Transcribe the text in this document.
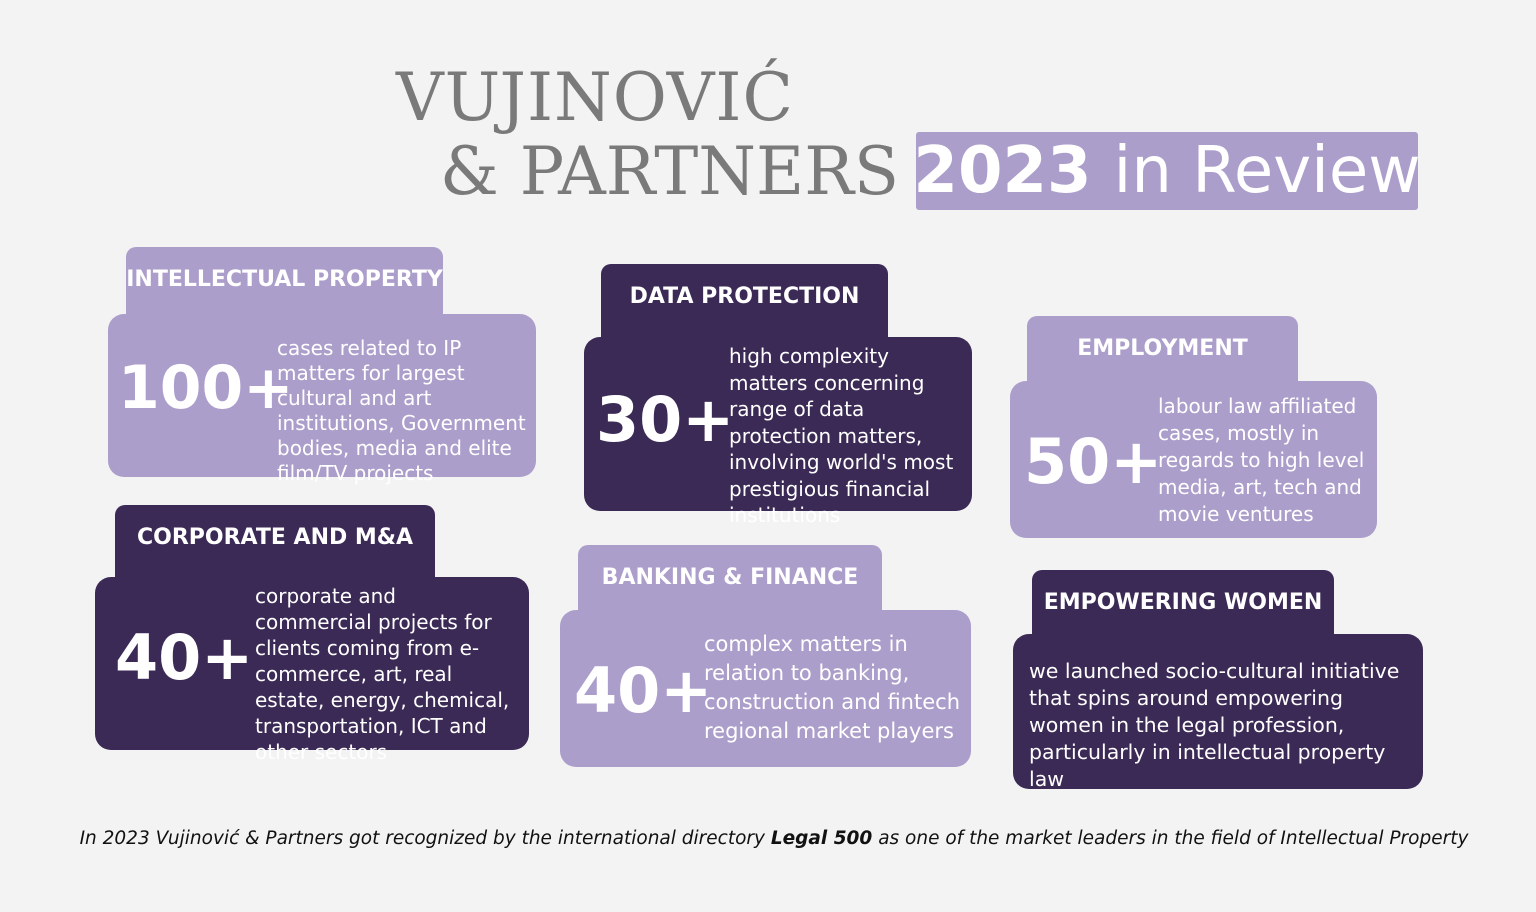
VUJINOVIĆ
& PARTNERS 2023 in Review
INTELLECTUAL PROPERTY
100+
cases related to IP matters for largest cultural and art institutions, Government bodies, media and elite film/TV projects
DATA PROTECTION
30+
high complexity matters concerning range of data protection matters, involving world's most prestigious financial institutions
EMPLOYMENT
50+
labour law affiliated cases, mostly in regards to high level media, art, tech and movie ventures
CORPORATE AND M&A
40+
corporate and commercial projects for clients coming from e-commerce, art, real estate, energy, chemical, transportation, ICT and other sectors
BANKING & FINANCE
40+
complex matters in relation to banking, construction and fintech regional market players
EMPOWERING WOMEN
we launched socio-cultural initiative that spins around empowering women in the legal profession, particularly in intellectual property law
In 2023 Vujinović & Partners got recognized by the international directory Legal 500 as one of the market leaders in the field of Intellectual Property
